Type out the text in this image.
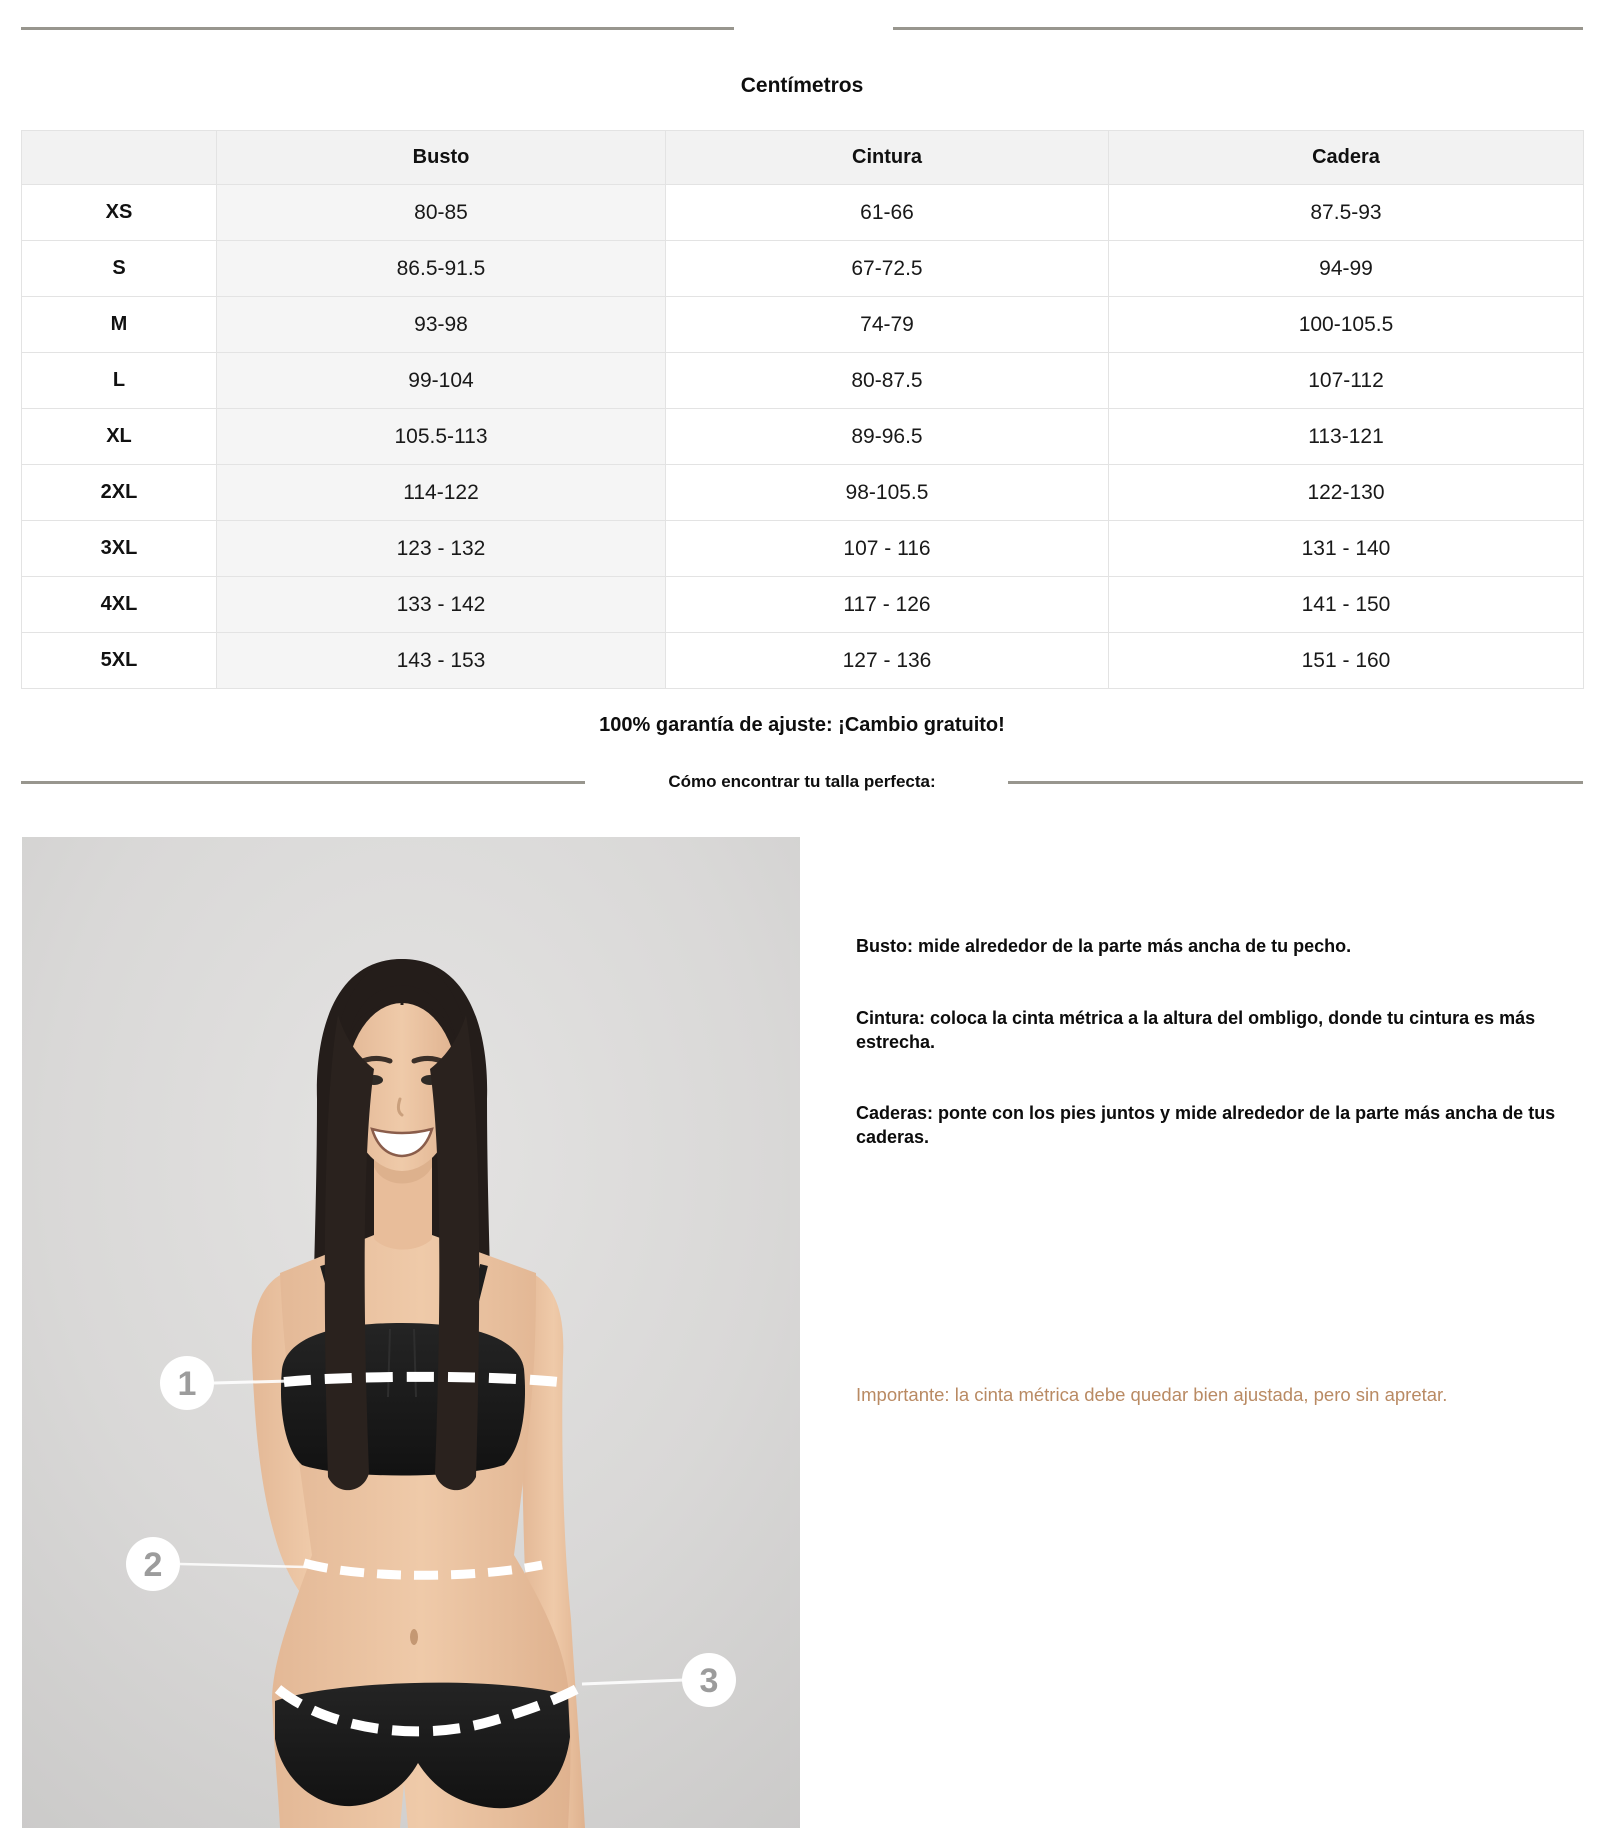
Centímetros
	Busto	Cintura	Cadera
XS	80-85	61-66	87.5-93
S	86.5-91.5	67-72.5	94-99
M	93-98	74-79	100-105.5
L	99-104	80-87.5	107-112
XL	105.5-113	89-96.5	113-121
2XL	114-122	98-105.5	122-130
3XL	123 - 132	107 - 116	131 - 140
4XL	133 - 142	117 - 126	141 - 150
5XL	143 - 153	127 - 136	151 - 160
100% garantía de ajuste: ¡Cambio gratuito!
Cómo encontrar tu talla perfecta:
1
2
3

Busto: mide alrededor de la parte más ancha de tu pecho.

Cintura: coloca la cinta métrica a la altura del ombligo, donde tu cintura es más estrecha.

Caderas: ponte con los pies juntos y mide alrededor de la parte más ancha de tus caderas.

Importante: la cinta métrica debe quedar bien ajustada, pero sin apretar.
